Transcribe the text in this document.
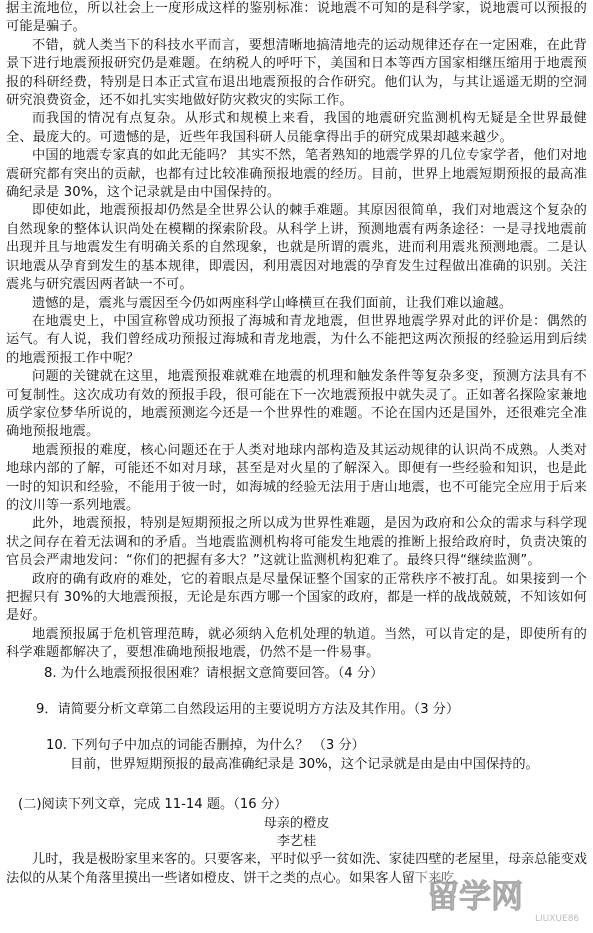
据主流地位，所以社会上一度形成这样的鉴别标准：说地震不可知的是科学家，说地震可以预报的可能是骗子。

不错，就人类当下的科技水平而言，要想清晰地搞清地壳的运动规律还存在一定困难，在此背景下进行地震预报研究仍是难题。在纳税人的呼吁下，美国和日本等西方国家相继压缩用于地震预报的科研经费，特别是日本正式宣布退出地震预报的合作研究。他们认为，与其让遥遥无期的空洞研究浪费资金，还不如扎实实地做好防灾救灾的实际工作。

而我国的情况有点复杂。从形式和规模上来看，我国的地震研究监测机构无疑是全世界最健全、最庞大的。可遗憾的是，近些年我国科研人员能拿得出手的研究成果却越来越少。

中国的地震专家真的如此无能吗？ 其实不然，笔者熟知的地震学界的几位专家学者，他们对地震研究都有突出的贡献，也都有过比较准确预报地震的经历。目前，世界上地震短期预报的最高准确纪录是 30%，这个记录就是由中国保持的。

即使如此，地震预报却仍然是全世界公认的棘手难题。其原因很简单，我们对地震这个复杂的自然现象的整体认识尚处在模糊的探索阶段。从科学上讲，预测地震有两条途径：一是寻找地震前出现并且与地震发生有明确关系的自然现象，也就是所谓的震兆，进而利用震兆预测地震。二是认识地震从孕育到发生的基本规律，即震因，利用震因对地震的孕育发生过程做出准确的识别。关注震兆与研究震因两者缺一不可。

遗憾的是，震兆与震因至今仍如两座科学山峰横亘在我们面前，让我们难以逾越。

在地震史上，中国宣称曾成功预报了海城和青龙地震，但世界地震学界对此的评价是：偶然的运气。有人说，我们曾经成功预报过海城和青龙地震，为什么不能把这两次预报的经验运用到后续的地震预报工作中呢？

问题的关键就在这里，地震预报难就难在地震的机理和触发条件等复杂多变，预测方法具有不可复制性。这次成功有效的预报手段，很可能在下一次地震预报中就失灵了。正如著名探险家兼地质学家位梦华所说的，地震预测迄今还是一个世界性的难题。不论在国内还是国外，还很难完全准确地预报地震。

地震预报的难度，核心问题还在于人类对地球内部构造及其运动规律的认识尚不成熟。人类对地球内部的了解，可能还不如对月球，甚至是对火星的了解深入。即便有一些经验和知识，也是此一时的知识和经验，不能用于彼一时，如海城的经验无法用于唐山地震，也不可能完全应用于后来的汶川等一系列地震。

此外，地震预报，特别是短期预报之所以成为世界性难题，是因为政府和公众的需求与科学现状之间存在着无法调和的矛盾。当地震监测机构将可能发生地震的推断上报给政府时，负责决策的官员会严肃地发问：“你们的把握有多大？”这就让监测机构犯难了。最终只得“继续监测”。

政府的确有政府的难处，它的着眼点是尽量保证整个国家的正常秩序不被打乱。如果接到一个把握只有 30%的大地震预报，无论是东西方哪一个国家的政府，都是一样的战战兢兢，不知该如何是好。

地震预报属于危机管理范畴，就必须纳入危机处理的轨道。当然，可以肯定的是，即使所有的科学难题都解决了，要想准确地预报地震，仍然不是一件易事。

8. 为什么地震预报很困难？请根据文意简要回答。（4 分）

9．请简要分析文章第二自然段运用的主要说明方方法及其作用。（3 分）

10. 下列句子中加点的词能否删掉，为什么？ （3 分）

目前，世界短期预报的最高准确纪录是 30%，这个记录就是由是由中国保持的。

(二)阅读下列文章，完成 11-14 题。（16 分）

母亲的橙皮

李艺桂

儿时，我是极盼家里来客的。只要客来，平时似乎一贫如洗、家徒四壁的老屋里，母亲总能变戏法似的从某个角落里摸出一些诸如橙皮、饼干之类的点心。如果客人留下来吃

留学网
LIUXUE86
